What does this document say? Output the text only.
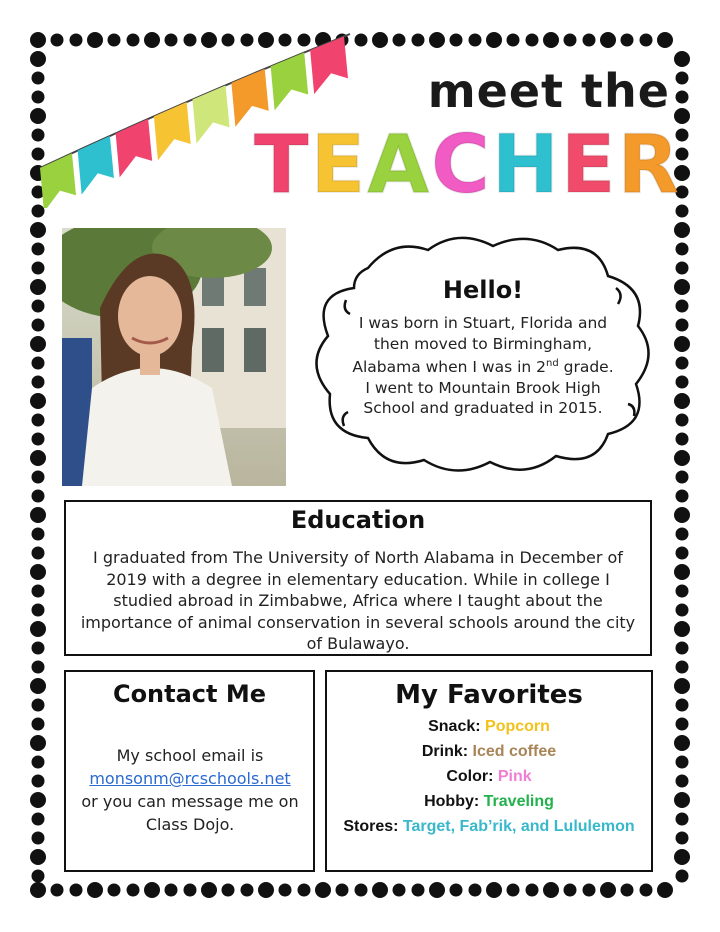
meet the
TEACHER
Hello!
I was born in Stuart, Florida and then moved to Birmingham, Alabama when I was in 2nd grade. I went to Mountain Brook High School and graduated in 2015.
Education
I graduated from The University of North Alabama in December of 2019 with a degree in elementary education. While in college I studied abroad in Zimbabwe, Africa where I taught about the importance of animal conservation in several schools around the city of Bulawayo.
Contact Me
My school email is
monsonm@rcschools.net
or you can message me on Class Dojo.
My Favorites
Snack: Popcorn
Drink: Iced coffee
Color: Pink
Hobby: Traveling
Stores: Target, Fab’rik, and Lululemon
